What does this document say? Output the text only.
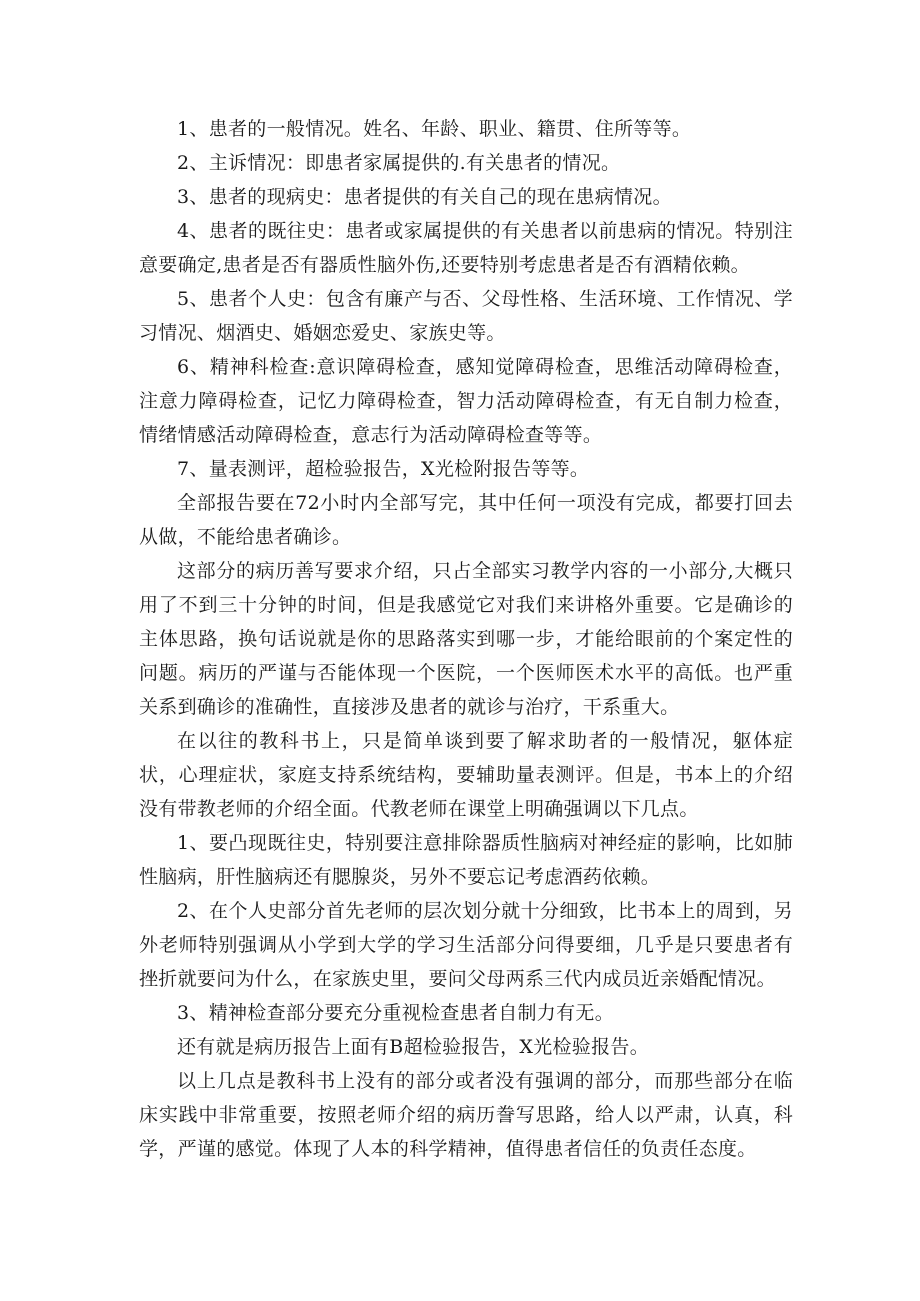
1、患者的一般情况。姓名、年龄、职业、籍贯、住所等等。

2、主诉情况：即患者家属提供的.有关患者的情况。

3、患者的现病史：患者提供的有关自己的现在患病情况。

4、患者的既往史：患者或家属提供的有关患者以前患病的情况。特别注意要确定,患者是否有器质性脑外伤,还要特别考虑患者是否有酒精依赖。

5、患者个人史：包含有廉产与否、父母性格、生活环境、工作情况、学习情况、烟酒史、婚姻恋爱史、家族史等。

6、精神科检查:意识障碍检查，感知觉障碍检查，思维活动障碍检查，注意力障碍检查，记忆力障碍检查，智力活动障碍检查，有无自制力检查，情绪情感活动障碍检查，意志行为活动障碍检查等等。

7、量表测评，超检验报告，X光检附报告等等。

全部报告要在72小时内全部写完，其中任何一项没有完成，都要打回去从做，不能给患者确诊。

这部分的病历善写要求介绍，只占全部实习教学内容的一小部分,大概只用了不到三十分钟的时间，但是我感觉它对我们来讲格外重要。它是确诊的主体思路，换句话说就是你的思路落实到哪一步，才能给眼前的个案定性的问题。病历的严谨与否能体现一个医院，一个医师医术水平的高低。也严重关系到确诊的准确性，直接涉及患者的就诊与治疗，干系重大。

在以往的教科书上，只是简单谈到要了解求助者的一般情况，躯体症状，心理症状，家庭支持系统结构，要辅助量表测评。但是，书本上的介绍没有带教老师的介绍全面。代教老师在课堂上明确强调以下几点。

1、要凸现既往史，特别要注意排除器质性脑病对神经症的影响，比如肺性脑病，肝性脑病还有腮腺炎，另外不要忘记考虑酒药依赖。

2、在个人史部分首先老师的层次划分就十分细致，比书本上的周到，另外老师特别强调从小学到大学的学习生活部分问得要细，几乎是只要患者有挫折就要问为什么，在家族史里，要问父母两系三代内成员近亲婚配情况。

3、精神检查部分要充分重视检查患者自制力有无。

还有就是病历报告上面有B超检验报告，X光检验报告。

以上几点是教科书上没有的部分或者没有强调的部分，而那些部分在临床实践中非常重要，按照老师介绍的病历誊写思路，给人以严肃，认真，科学，严谨的感觉。体现了人本的科学精神，值得患者信任的负责任态度。
